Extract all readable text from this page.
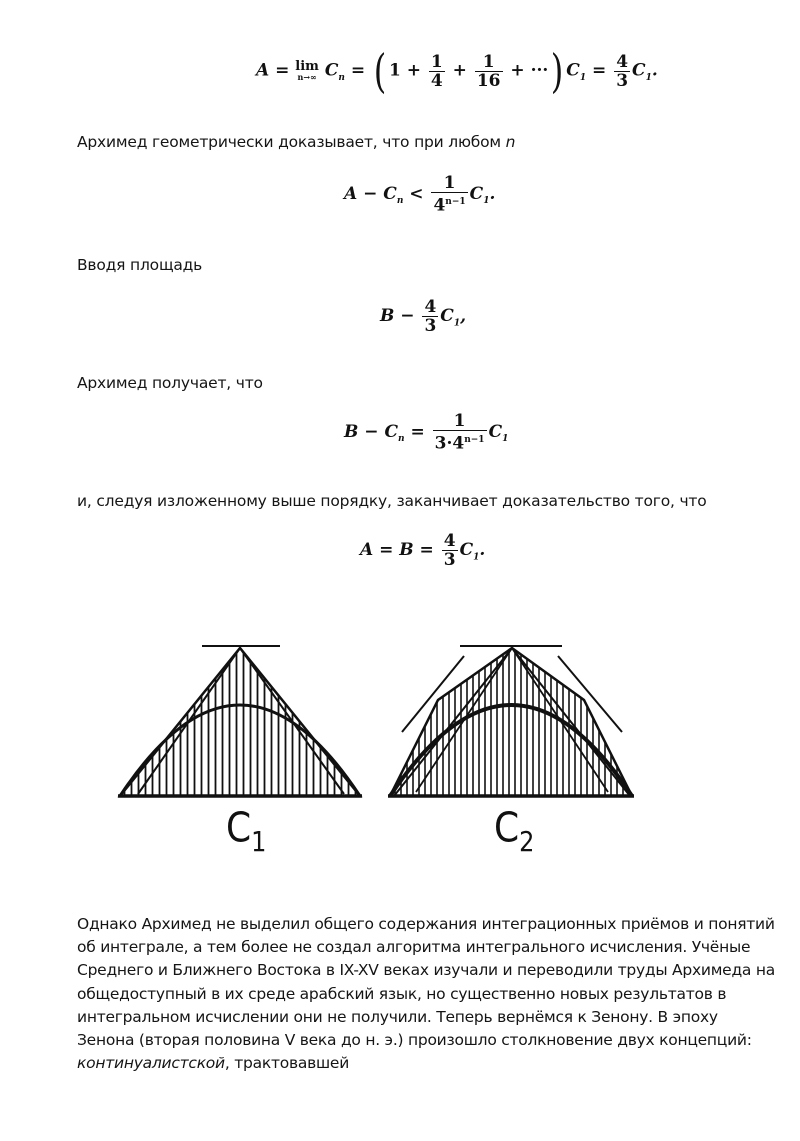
A = lim
n→∞ $C_n$ = ( $1 + \frac{1}{4} + \frac{1}{16}$ + ···) $C_1 = \frac{4}{3} C_1$.
Архимед геометрически доказывает, что при любом n
$A - C_n < \frac{1}{4^{n-1}} C_1$.
Вводя площадь
$B - \frac{4}{3} C_1$,
Архимед получает, что
$B - C_n = \frac{1}{3\cdot 4^{n-1}} C_1$
и, следуя изложенному выше порядку, заканчивает доказательство того, что
$A = B = \frac{4}{3} C_1$.
$C_1$	$C_2$
Однако Архимед не выделил общего содержания интеграционных приёмов и понятий об интеграле, а тем более не создал алгоритма интегрального исчисления. Учёные Среднего и Ближнего Востока в IX-XV веках изучали и переводили труды Архимеда на общедоступный в их среде арабский язык, но существенно новых результатов в интегральном исчислении они не получили. Теперь вернёмся к Зенону. В эпоху Зенона (вторая половина V века до н. э.) произошло столкновение двух концепций: континуалистской, трактовавшей
